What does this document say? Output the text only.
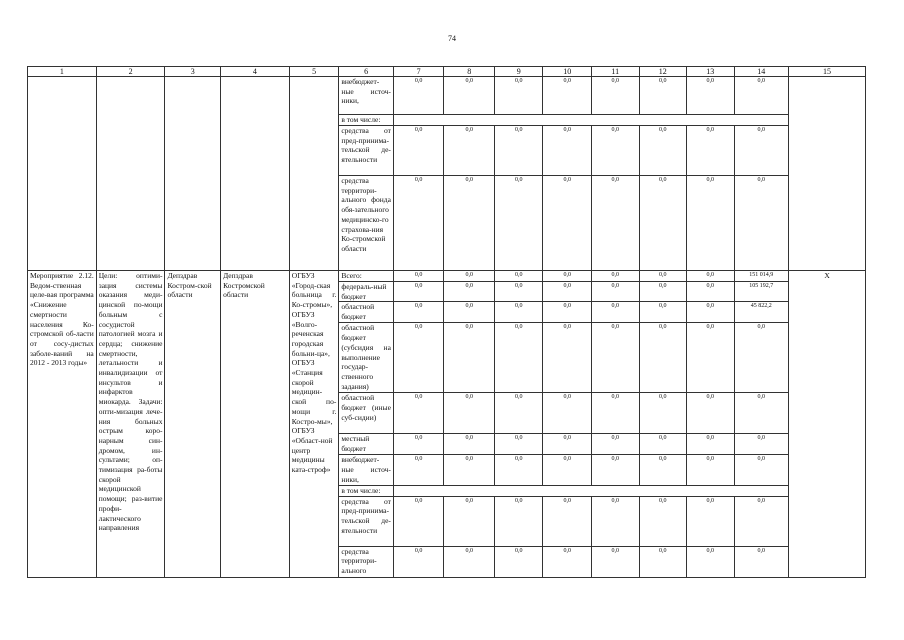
74
1	2	3	4	5	6	7	8	9	10	11	12	13	14	15
					внебюджет-ные источ-ники,	0,0	0,0	0,0	0,0	0,0	0,0	0,0	0,0	
					в том числе:									
					средства от пред-принима-тельской де-ятельности	0,0	0,0	0,0	0,0	0,0	0,0	0,0	0,0	
					средства территори-ального фонда обя-зательного медицинско-го страхова-ния Ко-стромской области	0,0	0,0	0,0	0,0	0,0	0,0	0,0	0,0	
Мероприятие 2.12. Ведом-ственная целе-вая программа «Снижение смертности населения Ко-стромской об-ласти от сосу-дистых заболе-ваний на 2012 - 2013 годы»	Цели: оптими-зация системы оказания меди-цинской по-мощи больным с сосудистой патологией мозга и сердца; снижение смертности, летальности и инвалидизации от инсультов и инфарктов миокарда. Задачи: опти-мизация лече-ния больных острым коро-нарным син-дромом, ин-сультами; оп-тимизация ра-боты скорой медицинской помощи; раз-витие профи-лактического направления	Депздрав Костром-ской области	Депздрав Костромской области	ОГБУЗ «Город-ская больница г. Ко-стромы», ОГБУЗ «Волго-реченская городская больни-ца», ОГБУЗ «Станция скорой медицин-ской по-мощи г. Костро-мы», ОГБУЗ «Област-ной центр медицины ката-строф»	Всего:	0,0	0,0	0,0	0,0	0,0	0,0	0,0	151 014,9	Х
					федераль-ный бюджет	0,0	0,0	0,0	0,0	0,0	0,0	0,0	105 192,7	
					областной бюджет	0,0	0,0	0,0	0,0	0,0	0,0	0,0	45 822,2	
					областной бюджет (субсидия на выполнение государ-ственного задания)	0,0	0,0	0,0	0,0	0,0	0,0	0,0	0,0	
					областной бюджет (иные суб-сидии)	0,0	0,0	0,0	0,0	0,0	0,0	0,0	0,0	
					местный бюджет	0,0	0,0	0,0	0,0	0,0	0,0	0,0	0,0	
					внебюджет-ные источ-ники,	0,0	0,0	0,0	0,0	0,0	0,0	0,0	0,0	
					в том числе:									
					средства от пред-принима-тельской де-ятельности	0,0	0,0	0,0	0,0	0,0	0,0	0,0	0,0	
					средства территори-ального	0,0	0,0	0,0	0,0	0,0	0,0	0,0	0,0	
